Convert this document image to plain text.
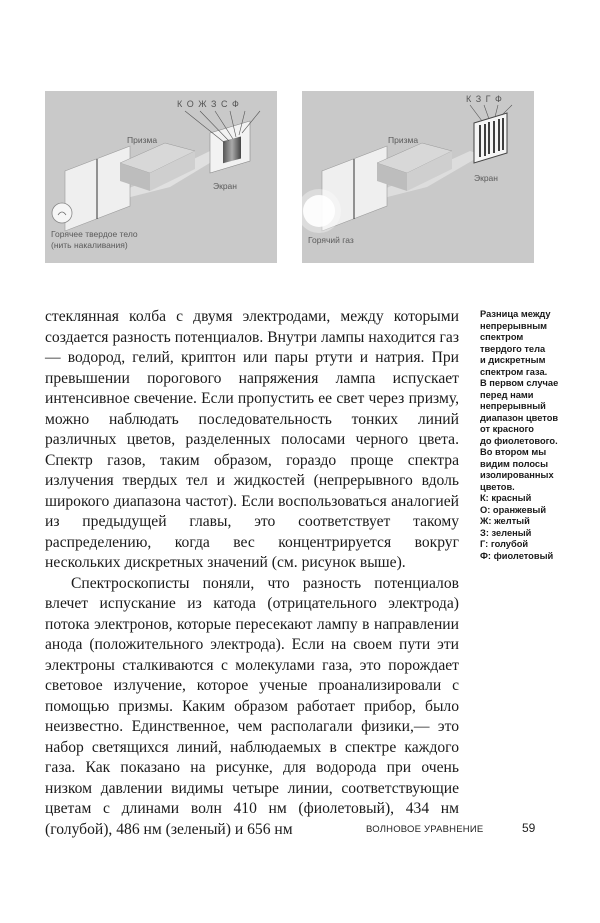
К О Ж З С Ф
Призма
Экран
Горячее твердое тело
(нить накаливания)
К З Г Ф
Призма
Экран
Горячий газ

стеклянная колба с двумя электродами, между которыми создается разность потенциалов. Внутри лампы находится газ — водород, гелий, криптон или пары ртути и натрия. При превышении порогового напряжения лампа испускает интенсивное свечение. Если пропустить ее свет через призму, можно наблюдать последовательность тонких линий различных цветов, разделенных полосами черного цвета. Спектр газов, таким образом, гораздо проще спектра излучения твердых тел и жидкостей (непрерывного вдоль широкого диапазона частот). Если воспользоваться аналогией из предыдущей главы, это соответствует такому распределению, когда вес концентрируется вокруг нескольких дискретных значений (см. рисунок выше).

Спектроскописты поняли, что разность потенциалов влечет испускание из катода (отрицательного электрода) потока электронов, которые пересекают лампу в направлении анода (положительного электрода). Если на своем пути эти электроны сталкиваются с молекулами газа, это порождает световое излучение, которое ученые проанализировали с помощью призмы. Каким образом работает прибор, было неизвестно. Единственное, чем располагали физики,— это набор светящихся линий, наблюдаемых в спектре каждого газа. Как показано на рисунке, для водорода при очень низком давлении видимы четыре линии, соответствующие цветам с длинами волн 410 нм (фиолетовый), 434 нм (голубой), 486 нм (зеленый) и 656 нм

Разница между
непрерывным
спектром
твердого тела
и дискретным
спектром газа.
В первом случае
перед нами
непрерывный
диапазон цветов
от красного
до фиолетового.
Во втором мы
видим полосы
изолированных
цветов.
К: красный
О: оранжевый
Ж: желтый
З: зеленый
Г: голубой
Ф: фиолетовый
ВОЛНОВОЕ УРАВНЕНИЕ	59
